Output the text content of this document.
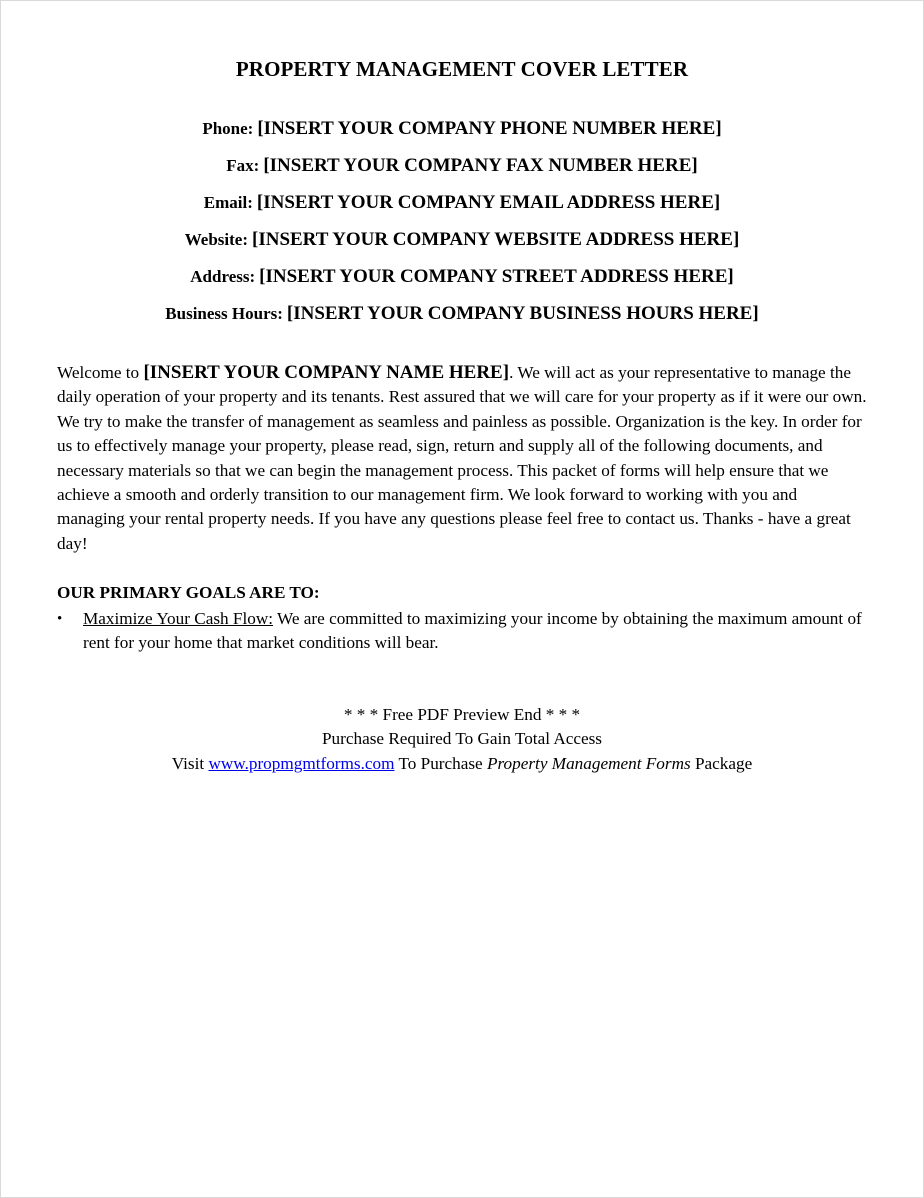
PROPERTY MANAGEMENT COVER LETTER
Phone: [INSERT YOUR COMPANY PHONE NUMBER HERE]
Fax: [INSERT YOUR COMPANY FAX NUMBER HERE]
Email: [INSERT YOUR COMPANY EMAIL ADDRESS HERE]
Website: [INSERT YOUR COMPANY WEBSITE ADDRESS HERE]
Address: [INSERT YOUR COMPANY STREET ADDRESS HERE]
Business Hours: [INSERT YOUR COMPANY BUSINESS HOURS HERE]
Welcome to [INSERT YOUR COMPANY NAME HERE]. We will act as your representative to manage the daily operation of your property and its tenants. Rest assured that we will care for your property as if it were our own. We try to make the transfer of management as seamless and painless as possible. Organization is the key. In order for us to effectively manage your property, please read, sign, return and supply all of the following documents, and necessary materials so that we can begin the management process. This packet of forms will help ensure that we achieve a smooth and orderly transition to our management firm. We look forward to working with you and managing your rental property needs. If you have any questions please feel free to contact us. Thanks - have a great day!
OUR PRIMARY GOALS ARE TO:
•	Maximize Your Cash Flow: We are committed to maximizing your income by obtaining the maximum amount of rent for your home that market conditions will bear.
* * * Free PDF Preview End * * *
Purchase Required To Gain Total Access
Visit www.propmgmtforms.com To Purchase Property Management Forms Package
